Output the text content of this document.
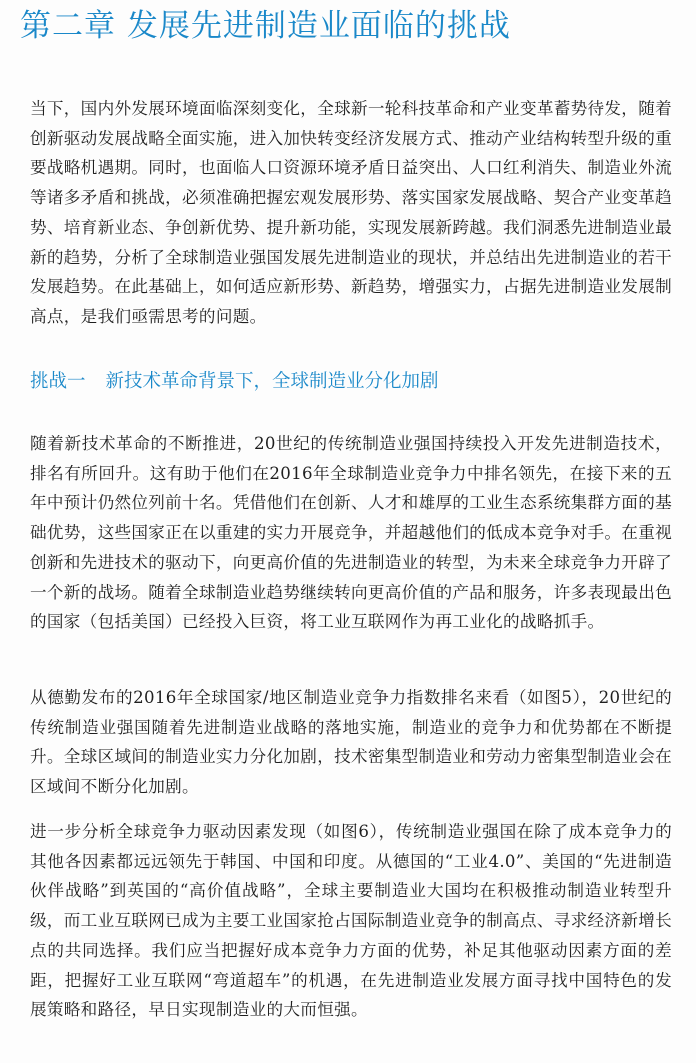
第二章 发展先进制造业面临的挑战

当下，国内外发展环境面临深刻变化，全球新一轮科技革命和产业变革蓄势待发，随着创新驱动发展战略全面实施，进入加快转变经济发展方式、推动产业结构转型升级的重要战略机遇期。同时，也面临人口资源环境矛盾日益突出、人口红利消失、制造业外流等诸多矛盾和挑战，必须准确把握宏观发展形势、落实国家发展战略、契合产业变革趋势、培育新业态、争创新优势、提升新功能，实现发展新跨越。我们洞悉先进制造业最新的趋势，分析了全球制造业强国发展先进制造业的现状，并总结出先进制造业的若干发展趋势。在此基础上，如何适应新形势、新趋势，增强实力，占据先进制造业发展制高点，是我们亟需思考的问题。

挑战一 新技术革命背景下，全球制造业分化加剧

随着新技术革命的不断推进，20世纪的传统制造业强国持续投入开发先进制造技术，排名有所回升。这有助于他们在2016年全球制造业竞争力中排名领先，在接下来的五年中预计仍然位列前十名。凭借他们在创新、人才和雄厚的工业生态系统集群方面的基础优势，这些国家正在以重建的实力开展竞争，并超越他们的低成本竞争对手。在重视创新和先进技术的驱动下，向更高价值的先进制造业的转型，为未来全球竞争力开辟了一个新的战场。随着全球制造业趋势继续转向更高价值的产品和服务，许多表现最出色的国家（包括美国）已经投入巨资，将工业互联网作为再工业化的战略抓手。

从德勤发布的2016年全球国家/地区制造业竞争力指数排名来看（如图5），20世纪的传统制造业强国随着先进制造业战略的落地实施，制造业的竞争力和优势都在不断提升。全球区域间的制造业实力分化加剧，技术密集型制造业和劳动力密集型制造业会在区域间不断分化加剧。

进一步分析全球竞争力驱动因素发现（如图6），传统制造业强国在除了成本竞争力的其他各因素都远远领先于韩国、中国和印度。从德国的“工业4.0”、美国的“先进制造伙伴战略”到英国的“高价值战略”，全球主要制造业大国均在积极推动制造业转型升级，而工业互联网已成为主要工业国家抢占国际制造业竞争的制高点、寻求经济新增长点的共同选择。我们应当把握好成本竞争力方面的优势，补足其他驱动因素方面的差距，把握好工业互联网“弯道超车”的机遇，在先进制造业发展方面寻找中国特色的发展策略和路径，早日实现制造业的大而恒强。
